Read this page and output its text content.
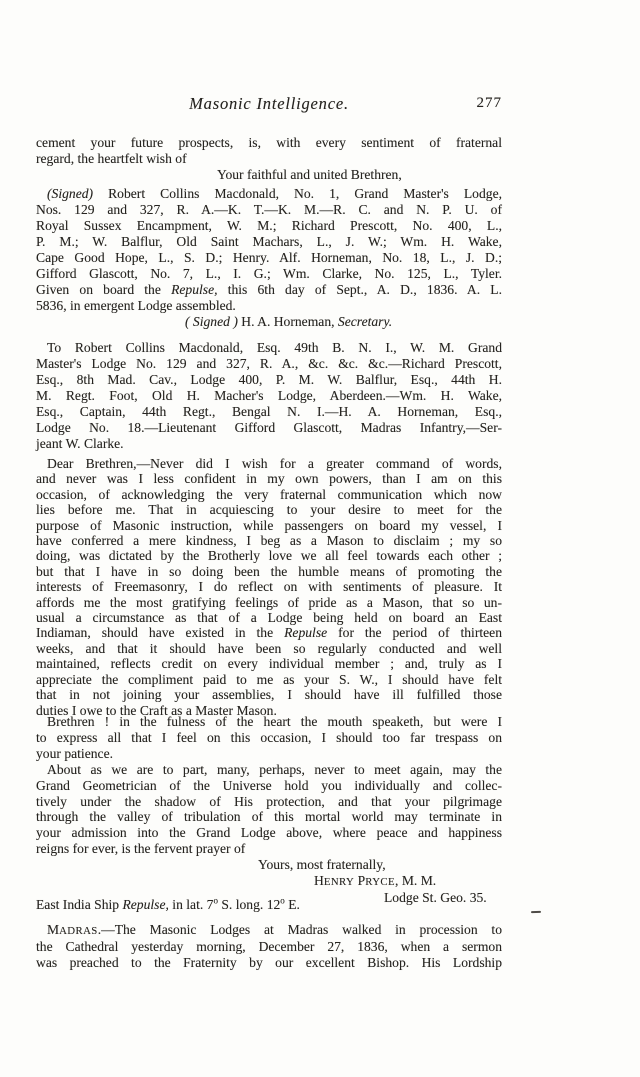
Masonic Intelligence.	277
cement your future prospects, is, with every sentiment of fraternal
regard, the heartfelt wish of
Your faithful and united Brethren,
(Signed) Robert Collins Macdonald, No. 1, Grand Master's Lodge,
Nos. 129 and 327, R. A.—K. T.—K. M.—R. C. and N. P. U. of
Royal Sussex Encampment, W. M.; Richard Prescott, No. 400, L.,
P. M.; W. Balflur, Old Saint Machars, L., J. W.; Wm. H. Wake,
Cape Good Hope, L., S. D.; Henry. Alf. Horneman, No. 18, L., J. D.;
Gifford Glascott, No. 7, L., I. G.; Wm. Clarke, No. 125, L., Tyler.
Given on board the Repulse, this 6th day of Sept., A. D., 1836. A. L.
5836, in emergent Lodge assembled.
( Signed ) H. A. Horneman, Secretary.
To Robert Collins Macdonald, Esq. 49th B. N. I., W. M. Grand
Master's Lodge No. 129 and 327, R. A., &c. &c. &c.—Richard Prescott,
Esq., 8th Mad. Cav., Lodge 400, P. M. W. Balflur, Esq., 44th H.
M. Regt. Foot, Old H. Macher's Lodge, Aberdeen.—Wm. H. Wake,
Esq., Captain, 44th Regt., Bengal N. I.—H. A. Horneman, Esq.,
Lodge No. 18.—Lieutenant Gifford Glascott, Madras Infantry,—Ser-
jeant W. Clarke.
Dear Brethren,—Never did I wish for a greater command of words,
and never was I less confident in my own powers, than I am on this
occasion, of acknowledging the very fraternal communication which now
lies before me. That in acquiescing to your desire to meet for the
purpose of Masonic instruction, while passengers on board my vessel, I
have conferred a mere kindness, I beg as a Mason to disclaim ; my so
doing, was dictated by the Brotherly love we all feel towards each other ;
but that I have in so doing been the humble means of promoting the
interests of Freemasonry, I do reflect on with sentiments of pleasure. It
affords me the most gratifying feelings of pride as a Mason, that so un-
usual a circumstance as that of a Lodge being held on board an East
Indiaman, should have existed in the Repulse for the period of thirteen
weeks, and that it should have been so regularly conducted and well
maintained, reflects credit on every individual member ; and, truly as I
appreciate the compliment paid to me as your S. W., I should have felt
that in not joining your assemblies, I should have ill fulfilled those
duties I owe to the Craft as a Master Mason.
Brethren ! in the fulness of the heart the mouth speaketh, but were I
to express all that I feel on this occasion, I should too far trespass on
your patience.
About as we are to part, many, perhaps, never to meet again, may the
Grand Geometrician of the Universe hold you individually and collec-
tively under the shadow of His protection, and that your pilgrimage
through the valley of tribulation of this mortal world may terminate in
your admission into the Grand Lodge above, where peace and happiness
reigns for ever, is the fervent prayer of
Yours, most fraternally,
HENRY PRYCE, M. M.
Lodge St. Geo. 35.
East India Ship Repulse, in lat. 7$^o$ S. long. 12$^o$ E.
MADRAS.—The Masonic Lodges at Madras walked in procession to
the Cathedral yesterday morning, December 27, 1836, when a sermon
was preached to the Fraternity by our excellent Bishop. His Lordship
